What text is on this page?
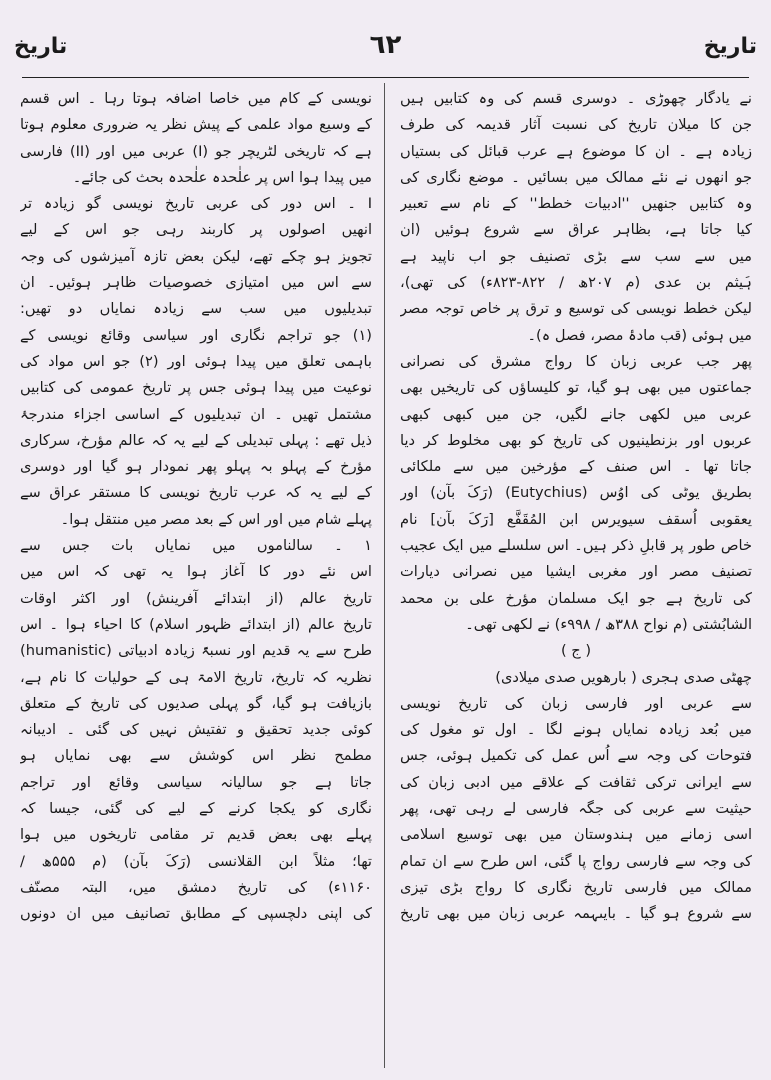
تاریخ	٦٢	تاریخ
نے یادگار چھوڑی ۔ دوسری قسم کی وہ کتابیں ہیں
جن کا میلان تاریخ کی نسبت آثار قدیمہ کی طرف
زیادہ ہے ۔ ان کا موضوع ہے عرب قبائل کی بستیاں
جو انھوں نے نئے ممالک میں بسائیں ۔ موضع نگاری کی
وہ کتابیں جنھیں ''ادبیات خطط'' کے نام سے تعبیر
کیا جاتا ہے، بظاہر عراق سے شروع ہوئیں (ان
میں سے سب سے بڑی تصنیف جو اب ناپید ہے
ہَیثم بن عدی (م ۲۰۷ھ / ۸۲۲-۸۲۳ء) کی تھی)،
لیکن خطط نویسی کی توسیع و ترق پر خاص توجہ مصر
میں ہوئی (قب مادۂ مصر، فصل ہ)۔
پھر جب عربی زبان کا رواج مشرق کی نصرانی
جماعتوں میں بھی ہو گیا، تو کلیساؤں کی تاریخیں بھی
عربی میں لکھی جانے لگیں، جن میں کبھی کبھی
عربوں اور بزنطینیوں کی تاریخ کو بھی مخلوط کر دیا
جاتا تھا ۔ اس صنف کے مؤرخین میں سے ملکائی
بطریق یوٹی کی اوُس (Eutychius) (رَکَ بآن) اور
یعقوبی اُسقف سیویرس ابن المُقَفَّع [رَکَ بآن] نام
خاص طور پر قابلِ ذکر ہیں۔ اس سلسلے میں ایک عجیب
تصنیف مصر اور مغربی ایشیا میں نصرانی دیارات
کی تاریخ ہے جو ایک مسلمان مؤرخ علی بن محمد
الشابُشتی (م نواح ۳۸۸ھ / ۹۹۸ء) نے لکھی تھی۔
( ج )
چھٹی صدی ہجری ( بارھویں صدی میلادی)
سے عربی اور فارسی زبان کی تاریخ نویسی
میں بُعد زیادہ نمایاں ہونے لگا ۔ اول تو مغول کی
فتوحات کی وجہ سے اُس عمل کی تکمیل ہوئی، جس
سے ایرانی ترکی ثقافت کے علاقے میں ادبی زبان کی
حیثیت سے عربی کی جگہ فارسی لے رہی تھی، پھر
اسی زمانے میں ہندوستان میں بھی توسیع اسلامی
کی وجہ سے فارسی رواج پا گئی، اس طرح سے ان تمام
ممالک میں فارسی تاریخ نگاری کا رواج بڑی تیزی
سے شروع ہو گیا ۔ بایںہمہ عربی زبان میں بھی تاریخ
نویسی کے کام میں خاصا اضافہ ہوتا رہا ۔ اس قسم
کے وسیع مواد علمی کے پیش نظر یہ ضروری معلوم ہوتا
ہے کہ تاریخی لٹریچر جو (I) عربی میں اور (II) فارسی
میں پیدا ہوا اس پر علٰحدہ علٰحدہ بحث کی جائے۔
I ۔ اس دور کی عربی تاریخ نویسی گو زیادہ تر
انھیں اصولوں پر کاربند رہی جو اس کے لیے
تجویز ہو چکے تھے، لیکن بعض تازہ آمیزشوں کی وجہ
سے اس میں امتیازی خصوصیات ظاہر ہوئیں۔ ان
تبدیلیوں میں سب سے زیادہ نمایاں دو تھیں:
(۱) جو تراجم نگاری اور سیاسی وقائع نویسی کے
باہمی تعلق میں پیدا ہوئی اور (۲) جو اس مواد کی
نوعیت میں پیدا ہوئی جس پر تاریخ عمومی کی کتابیں
مشتمل تھیں ۔ ان تبدیلیوں کے اساسی اجزاء مندرجۂ
ذیل تھے : پہلی تبدیلی کے لیے یہ کہ عالم مؤرخ، سرکاری
مؤرخ کے پہلو بہ پہلو پھر نمودار ہو گیا اور دوسری
کے لیے یہ کہ عرب تاریخ نویسی کا مستقر عراق سے
پہلے شام میں اور اس کے بعد مصر میں منتقل ہوا۔
۱ ۔ سالناموں میں نمایاں بات جس سے
اس نئے دور کا آغاز ہوا یہ تھی کہ اس میں
تاریخ عالم (از ابتدائے آفرینش) اور اکثر اوقات
تاریخ عالم (از ابتدائے ظہور اسلام) کا احیاء ہوا ۔ اس
طرح سے یہ قدیم اور نسبۃً زیادہ ادبیاتی (humanistic)
نظریہ کہ تاریخ، تاریخ الامۃ ہی کے حولیات کا نام ہے،
بازیافت ہو گیا، گو پہلی صدیوں کی تاریخ کے متعلق
کوئی جدید تحقیق و تفتیش نہیں کی گئی ۔ ادیبانہ
مطمح نظر اس کوشش سے بھی نمایاں ہو
جاتا ہے جو سالیانہ سیاسی وقائع اور تراجم
نگاری کو یکجا کرنے کے لیے کی گئی، جیسا کہ
پہلے بھی بعض قدیم تر مقامی تاریخوں میں ہوا
تھا؛ مثلاً ابن القلانسی (رَکَ بآن) (م ۵۵۵ھ /
۱۱۶۰ء) کی تاریخ دمشق میں، البتہ مصنّف
کی اپنی دلچسپی کے مطابق تصانیف میں ان دونوں
